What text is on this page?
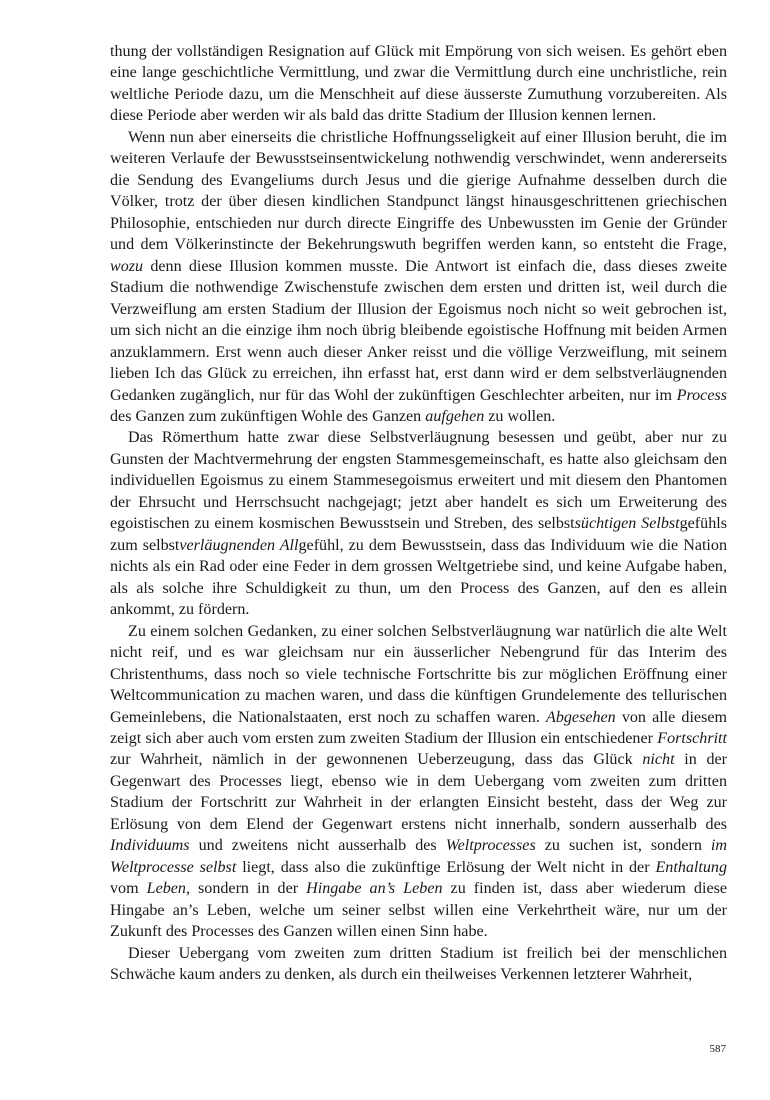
thung der vollständigen Resignation auf Glück mit Empörung von sich weisen. Es gehört eben eine lange geschichtliche Vermittlung, und zwar die Vermittlung durch eine unchristliche, rein weltliche Periode dazu, um die Menschheit auf diese äusserste Zumuthung vorzubereiten. Als diese Periode aber werden wir als bald das dritte Stadium der Illusion kennen lernen.

Wenn nun aber einerseits die christliche Hoffnungsseligkeit auf einer Illusion beruht, die im weiteren Verlaufe der Bewusstseinsentwickelung nothwendig verschwindet, wenn andererseits die Sendung des Evangeliums durch Jesus und die gierige Aufnahme desselben durch die Völker, trotz der über diesen kindlichen Standpunct längst hinausgeschrittenen griechischen Philosophie, entschieden nur durch directe Eingriffe des Unbewussten im Genie der Gründer und dem Völkerinstincte der Bekehrungswuth begriffen werden kann, so entsteht die Frage, wozu denn diese Illusion kommen musste. Die Antwort ist einfach die, dass dieses zweite Stadium die nothwendige Zwischenstufe zwischen dem ersten und dritten ist, weil durch die Verzweiflung am ersten Stadium der Illusion der Egoismus noch nicht so weit gebrochen ist, um sich nicht an die einzige ihm noch übrig bleibende egoistische Hoffnung mit beiden Armen anzuklammern. Erst wenn auch dieser Anker reisst und die völlige Verzweiflung, mit seinem lieben Ich das Glück zu erreichen, ihn erfasst hat, erst dann wird er dem selbstverläugnenden Gedanken zugänglich, nur für das Wohl der zukünftigen Geschlechter arbeiten, nur im Process des Ganzen zum zukünftigen Wohle des Ganzen aufgehen zu wollen.

Das Römerthum hatte zwar diese Selbstverläugnung besessen und geübt, aber nur zu Gunsten der Machtvermehrung der engsten Stammesgemeinschaft, es hatte also gleichsam den individuellen Egoismus zu einem Stammesegoismus erweitert und mit diesem den Phantomen der Ehrsucht und Herrschsucht nachgejagt; jetzt aber handelt es sich um Erweiterung des egoistischen zu einem kosmischen Bewusstsein und Streben, des selbstsüchtigen Selbstgefühls zum selbstverläugnenden Allgefühl, zu dem Bewusstsein, dass das Individuum wie die Nation nichts als ein Rad oder eine Feder in dem grossen Weltgetriebe sind, und keine Aufgabe haben, als als solche ihre Schuldigkeit zu thun, um den Process des Ganzen, auf den es allein ankommt, zu fördern.

Zu einem solchen Gedanken, zu einer solchen Selbstverläugnung war natürlich die alte Welt nicht reif, und es war gleichsam nur ein äusserlicher Nebengrund für das Interim des Christenthums, dass noch so viele technische Fortschritte bis zur möglichen Eröffnung einer Weltcommunication zu machen waren, und dass die künftigen Grundelemente des tellurischen Gemeinlebens, die Nationalstaaten, erst noch zu schaffen waren. Abgesehen von alle diesem zeigt sich aber auch vom ersten zum zweiten Stadium der Illusion ein entschiedener Fortschritt zur Wahrheit, nämlich in der gewonnenen Ueberzeugung, dass das Glück nicht in der Gegenwart des Processes liegt, ebenso wie in dem Uebergang vom zweiten zum dritten Stadium der Fortschritt zur Wahrheit in der erlangten Einsicht besteht, dass der Weg zur Erlösung von dem Elend der Gegenwart erstens nicht innerhalb, sondern ausserhalb des Individuums und zweitens nicht ausserhalb des Weltprocesses zu suchen ist, sondern im Weltprocesse selbst liegt, dass also die zukünftige Erlösung der Welt nicht in der Enthaltung vom Leben, sondern in der Hingabe an’s Leben zu finden ist, dass aber wiederum diese Hingabe an’s Leben, welche um seiner selbst willen eine Verkehrtheit wäre, nur um der Zukunft des Processes des Ganzen willen einen Sinn habe.

Dieser Uebergang vom zweiten zum dritten Stadium ist freilich bei der menschlichen Schwäche kaum anders zu denken, als durch ein theilweises Verkennen letzterer Wahrheit,

587
